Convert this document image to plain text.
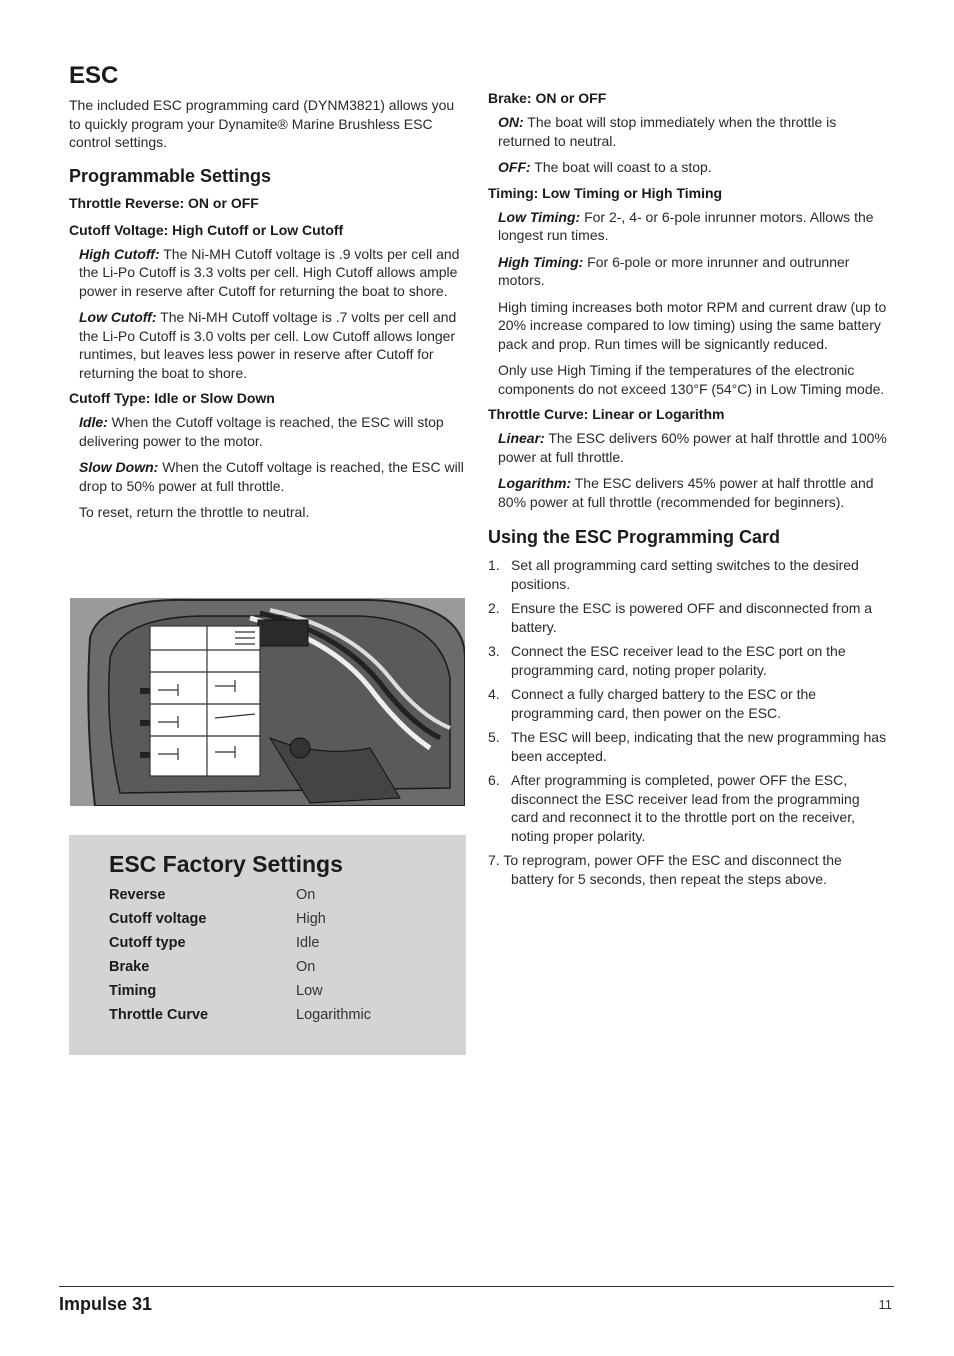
ESC

The included ESC programming card (DYNM3821) allows you to quickly program your Dynamite® Marine Brushless ESC control settings.

Programmable Settings
Throttle Reverse: ON or OFF
Cutoff Voltage: High Cutoff or Low Cutoff

High Cutoff: The Ni-MH Cutoff voltage is .9 volts per cell and the Li-Po Cutoff is 3.3 volts per cell. High Cutoff allows ample power in reserve after Cutoff for returning the boat to shore.

Low Cutoff: The Ni-MH Cutoff voltage is .7 volts per cell and the Li-Po Cutoff is 3.0 volts per cell. Low Cutoff allows longer runtimes, but leaves less power in reserve after Cutoff for returning the boat to shore.

Cutoff Type: Idle or Slow Down

Idle: When the Cutoff voltage is reached, the ESC will stop delivering power to the motor.

Slow Down: When the Cutoff voltage is reached, the ESC will drop to 50% power at full throttle.

To reset, return the throttle to neutral.

ESC Factory Settings
Reverse	On
Cutoff voltage	High
Cutoff type	Idle
Brake	On
Timing	Low
Throttle Curve	Logarithmic
Brake: ON or OFF

ON: The boat will stop immediately when the throttle is returned to neutral.

OFF: The boat will coast to a stop.

Timing: Low Timing or High Timing

Low Timing: For 2-, 4- or 6-pole inrunner motors. Allows the longest run times.

High Timing: For 6-pole or more inrunner and outrunner motors.

High timing increases both motor RPM and current draw (up to 20% increase compared to low timing) using the same battery pack and prop. Run times will be signicantly reduced.

Only use High Timing if the temperatures of the electronic components do not exceed 130°F (54°C) in Low Timing mode.

Throttle Curve: Linear or Logarithm

Linear: The ESC delivers 60% power at half throttle and 100% power at full throttle.

Logarithm: The ESC delivers 45% power at half throttle and 80% power at full throttle (recommended for beginners).

Using the ESC Programming Card
1. Set all programming card setting switches to the desired positions.
2. Ensure the ESC is powered OFF and disconnected from a battery.
3. Connect the ESC receiver lead to the ESC port on the programming card, noting proper polarity.
4. Connect a fully charged battery to the ESC or the programming card, then power on the ESC.
5. The ESC will beep, indicating that the new programming has been accepted.
6. After programming is completed, power OFF the ESC, disconnect the ESC receiver lead from the programming card and reconnect it to the throttle port on the receiver, noting proper polarity.
7. To reprogram, power OFF the ESC and disconnect the battery for 5 seconds, then repeat the steps above.
Impulse 31	11
